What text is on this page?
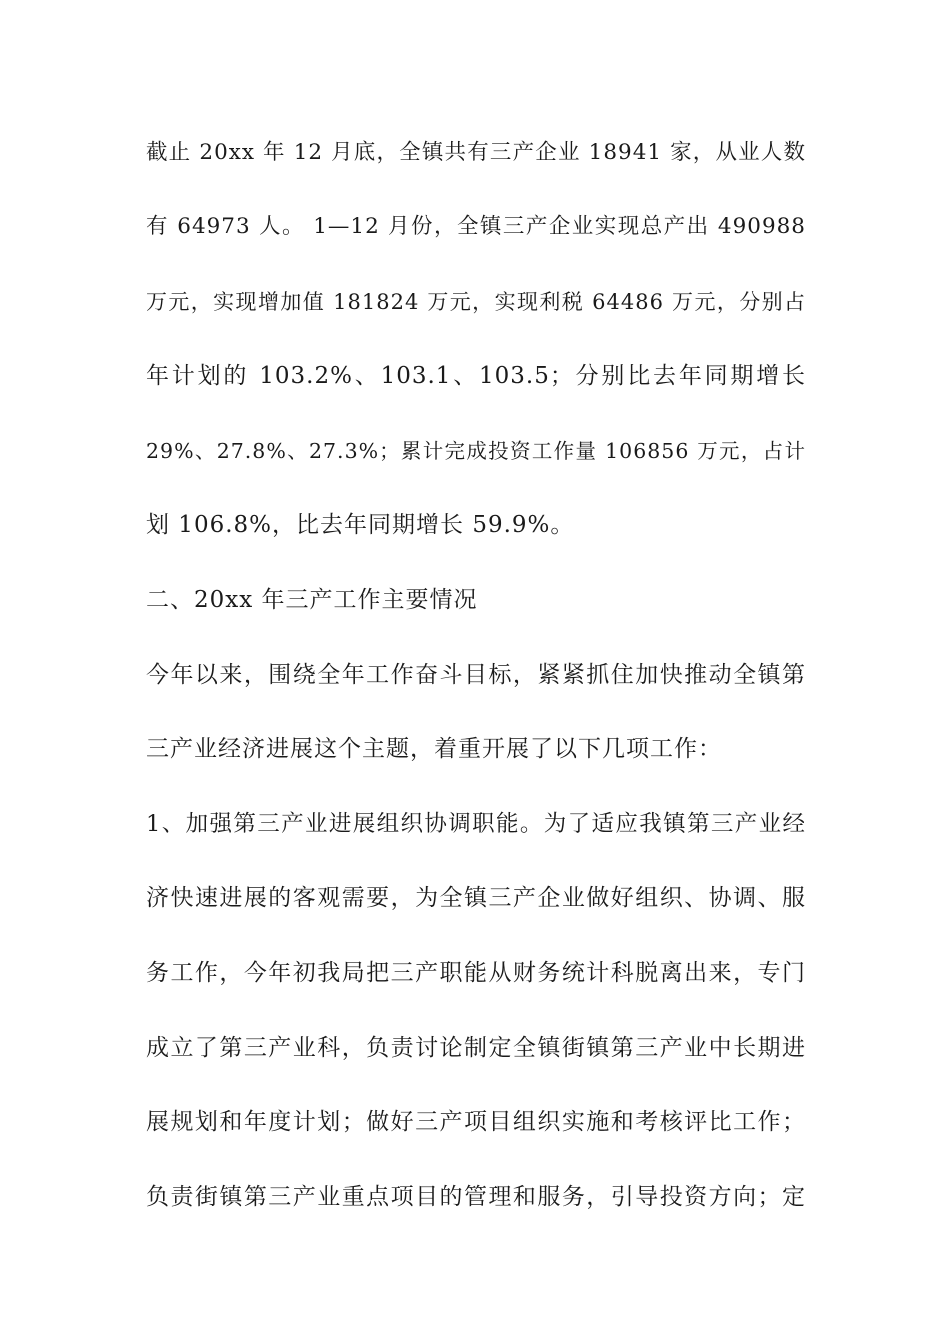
截止 20xx 年 12 月底，全镇共有三产企业 18941 家，从业人数
有 64973 人。 1—12 月份，全镇三产企业实现总产出 490988
万元，实现增加值 181824 万元，实现利税 64486 万元，分别占
年计划的 103.2%、103.1、103.5；分别比去年同期增长
29%、27.8%、27.3%；累计完成投资工作量 106856 万元，占计
划 106.8%，比去年同期增长 59.9%。
二、20xx 年三产工作主要情况
今年以来，围绕全年工作奋斗目标，紧紧抓住加快推动全镇第
三产业经济进展这个主题，着重开展了以下几项工作：
1、加强第三产业进展组织协调职能。为了适应我镇第三产业经
济快速进展的客观需要，为全镇三产企业做好组织、协调、服
务工作，今年初我局把三产职能从财务统计科脱离出来，专门
成立了第三产业科，负责讨论制定全镇街镇第三产业中长期进
展规划和年度计划；做好三产项目组织实施和考核评比工作；
负责街镇第三产业重点项目的管理和服务，引导投资方向；定
